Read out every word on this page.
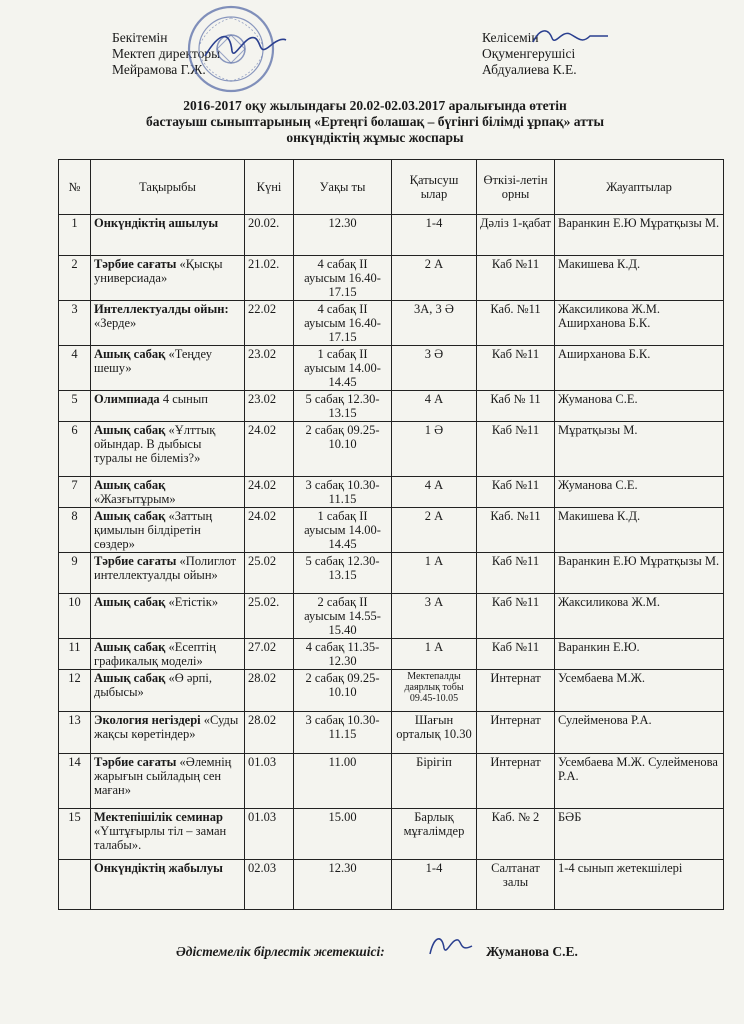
Бекітемін
Мектеп директоры
Мейрамова Г.Ж.
Келісемін
Оқуменгерушісі
Абдуалиева К.Е.
2016-2017 оқу жылындағы 20.02-02.03.2017 аралығында өтетін
бастауыш сыныптарының «Ертеңгі болашақ – бүгінгі білімді ұрпақ» атты
онкүндіктің жұмыс жоспары
№	Тақырыбы	Күні	Уақы ты	Қатысуш ылар	Өткізі-летін орны	Жауаптылар
1	Онкүндіктің ашылуы	20.02.	12.30	1-4	Дәліз 1-қабат	Варанкин Е.Ю Мұратқызы М.
2	Тәрбие сағаты «Қысқы универсиада»	21.02.	4 сабақ ІІ ауысым 16.40-17.15	2 А	Каб №11	Макишева К.Д.
3	Интеллектуалды ойын: «Зерде»	22.02	4 сабақ ІІ ауысым 16.40-17.15	3А, 3 Ә	Каб. №11	Жаксиликова Ж.М. Аширханова Б.К.
4	Ашық сабақ «Теңдеу шешу»	23.02	1 сабақ ІІ ауысым 14.00-14.45	3 Ә	Каб №11	Аширханова Б.К.
5	Олимпиада 4 сынып	23.02	5 сабақ 12.30-13.15	4 А	Каб № 11	Жуманова С.Е.
6	Ашық сабақ «Ұлттық ойындар. В дыбысы туралы не білеміз?»	24.02	2 сабақ 09.25-10.10	1 Ә	Каб №11	Мұратқызы М.
7	Ашық сабақ «Жазғытұрым»	24.02	3 сабақ 10.30-11.15	4 А	Каб №11	Жуманова С.Е.
8	Ашық сабақ «Заттың қимылын білдіретін сөздер»	24.02	1 сабақ ІІ ауысым 14.00-14.45	2 А	Каб. №11	Макишева К.Д.
9	Тәрбие сағаты «Полиглот интеллектуалды ойын»	25.02	5 сабақ 12.30-13.15	1 А	Каб №11	Варанкин Е.Ю Мұратқызы М.
10	Ашық сабақ «Етістік»	25.02.	2 сабақ ІІ ауысым 14.55-15.40	3 А	Каб №11	Жаксиликова Ж.М.
11	Ашық сабақ «Есептің графикалық моделі»	27.02	4 сабақ 11.35-12.30	1 А	Каб №11	Варанкин Е.Ю.
12	Ашық сабақ «Ө әрпі, дыбысы»	28.02	2 сабақ 09.25-10.10	Мектепалды даярлық тобы 09.45-10.05	Интернат	Усембаева М.Ж.
13	Экология негіздері «Суды жақсы көретіндер»	28.02	3 сабақ 10.30-11.15	Шағын орталық 10.30	Интернат	Сулейменова Р.А.
14	Тәрбие сағаты «Әлемнің жарығын сыйладың сен маған»	01.03	11.00	Бірігіп	Интернат	Усембаева М.Ж. Сулейменова Р.А.
15	Мектепішілік семинар «Үштұғырлы тіл – заман талабы».	01.03	15.00	Барлық мұғалімдер	Каб. № 2	БӘБ
	Онкүндіктің жабылуы	02.03	12.30	1-4	Салтанат залы	1-4 сынып жетекшілері
Әдістемелік бірлестік жетекшісі:	Жуманова С.Е.
